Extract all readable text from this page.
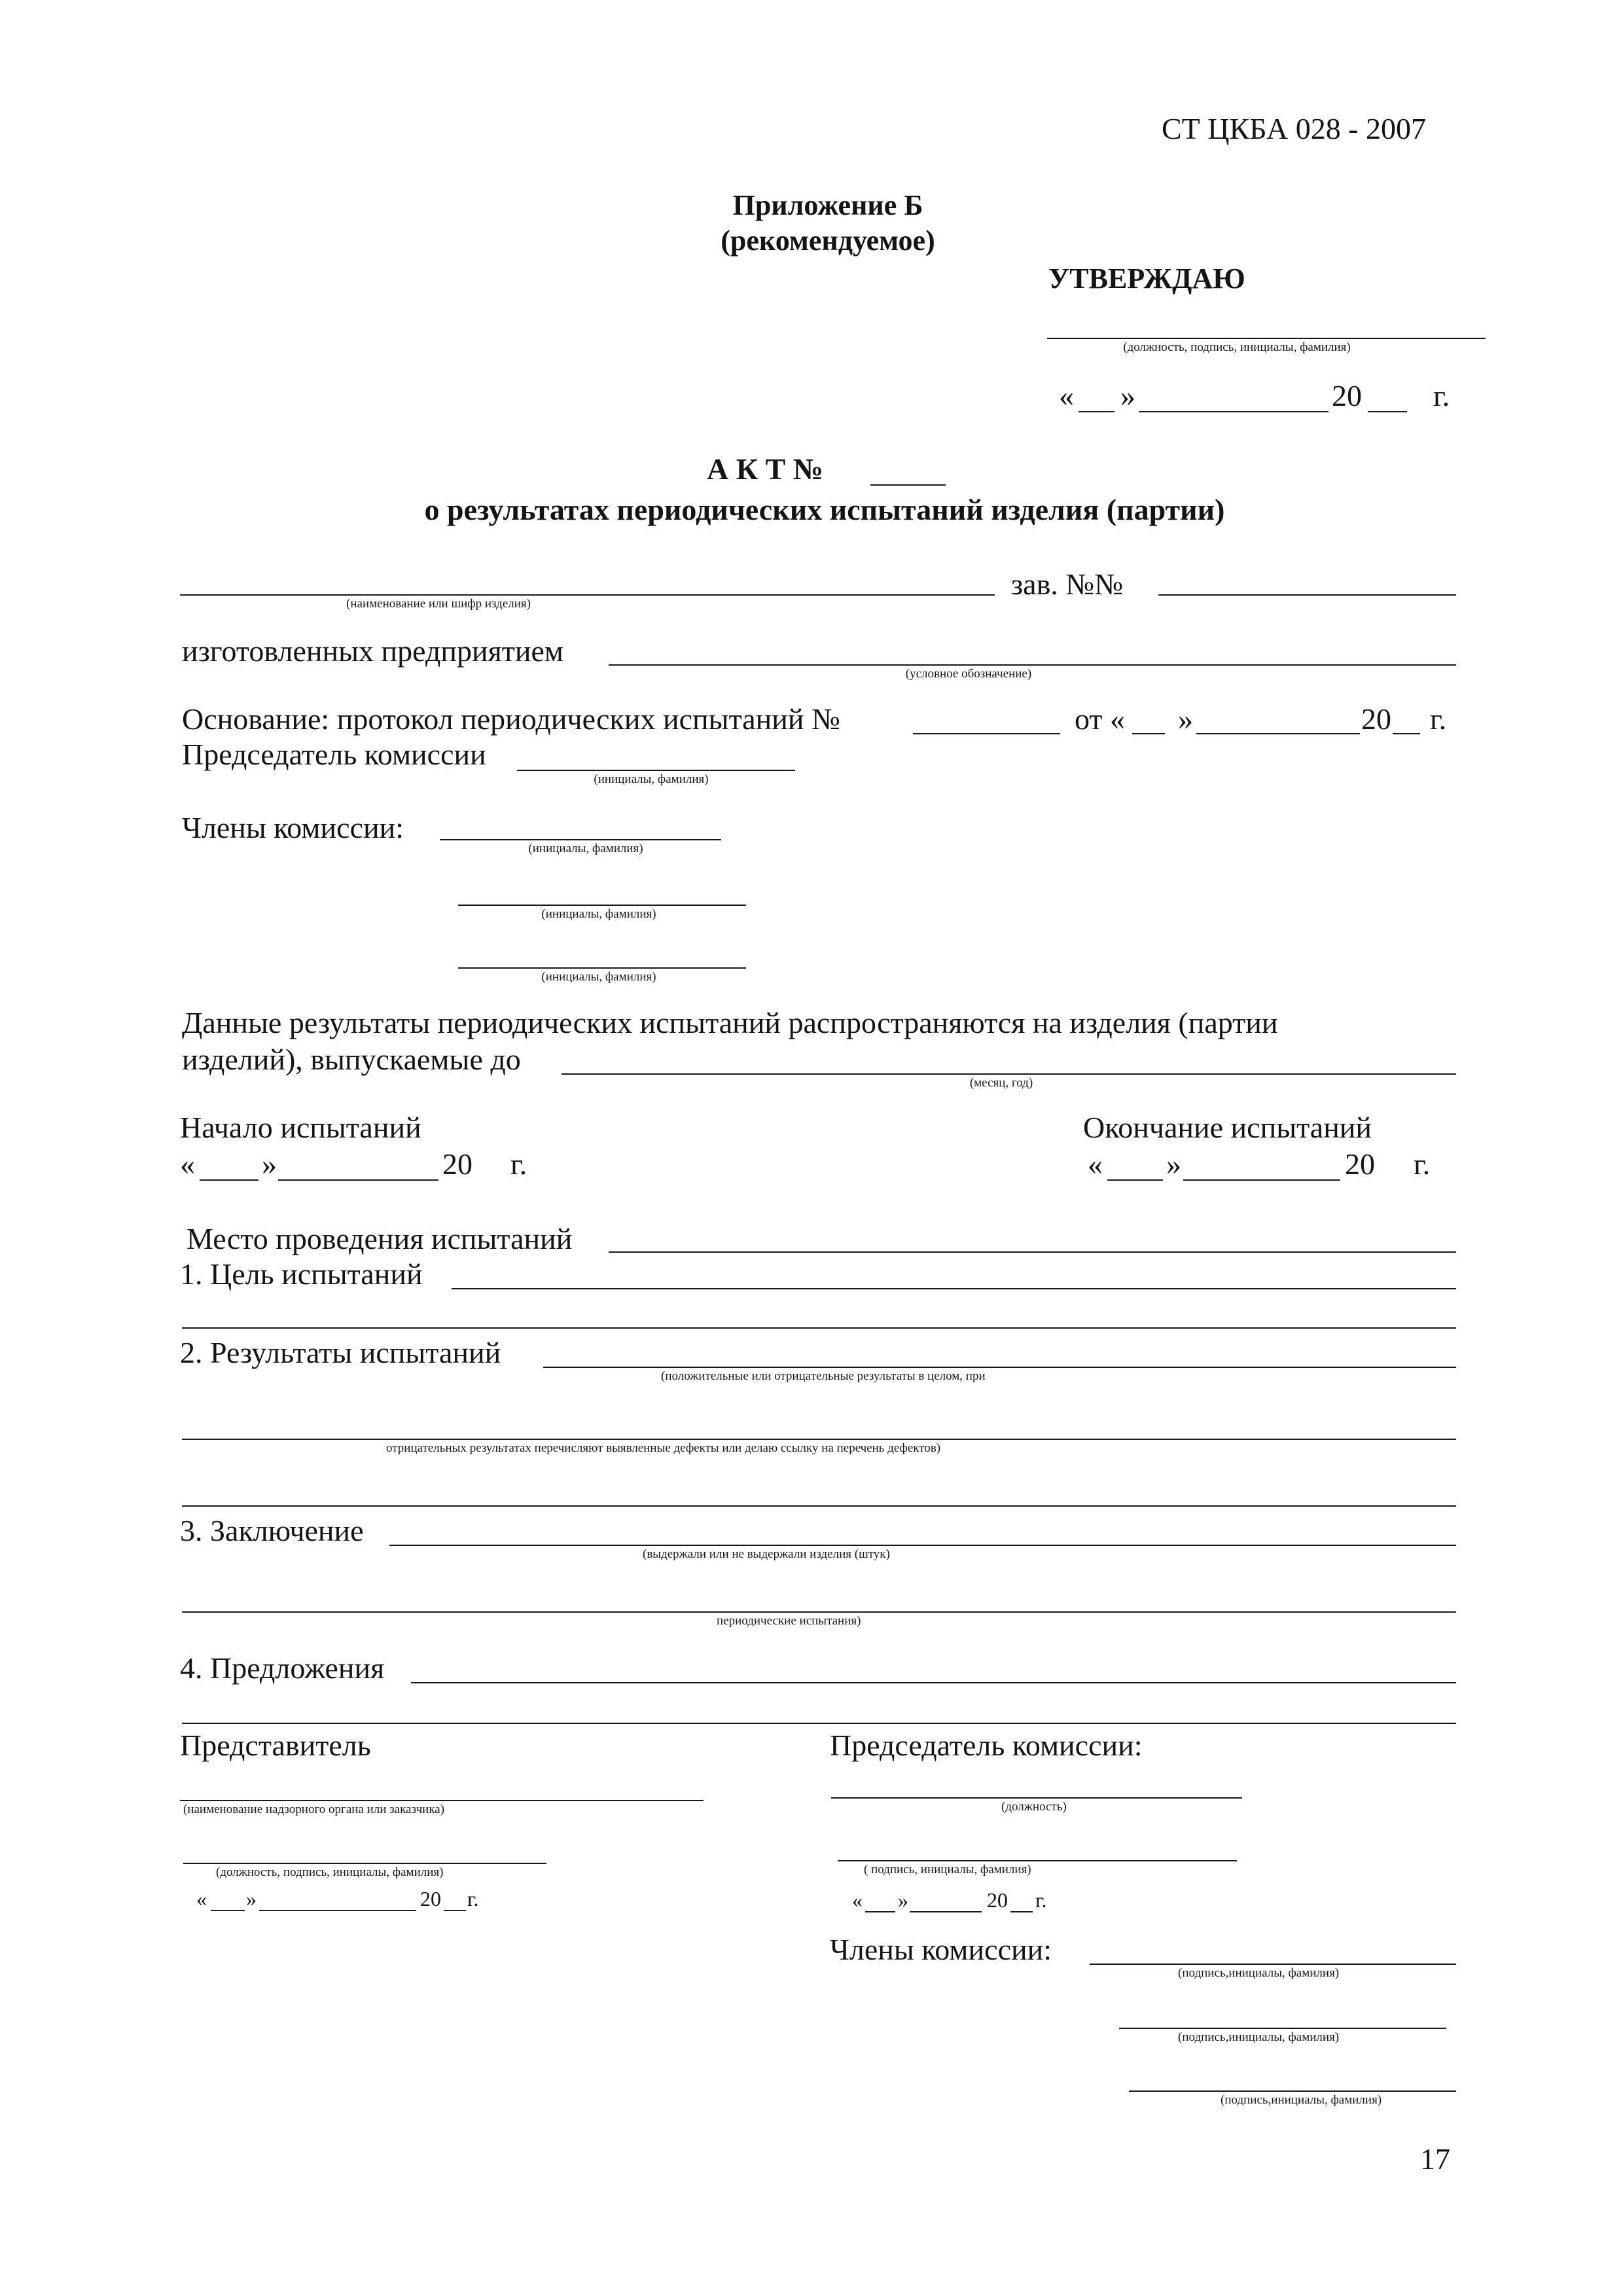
СТ ЦКБА 028 - 2007
Приложение Б
(рекомендуемое)
УТВЕРЖДАЮ
(должность, подпись, инициалы, фамилия)
« »	20 г.
А К Т №
о результатах периодических испытаний изделия (партии)
(наименование или шифр изделия)
зав. №№
изготовленных предприятием
(условное обозначение)
Основание: протокол периодических испытаний №	от « »	20 г.
Председатель комиссии
(инициалы, фамилия)
Члены комиссии:
(инициалы, фамилия)
(инициалы, фамилия)
(инициалы, фамилия)
Данные результаты периодических испытаний распространяются на изделия (партии
изделий), выпускаемые до
(месяц, год)
Начало испытаний
« »	20 г.
Окончание испытаний
« »	20 г.
Место проведения испытаний
1. Цель испытаний
2. Результаты испытаний
(положительные или отрицательные результаты в целом, при
отрицательных результатах перечисляют выявленные дефекты или делаю ссылку на перечень дефектов)
3. Заключение
(выдержали или не выдержали изделия (штук)
периодические испытания)
4. Предложения
Представитель
(наименование надзорного органа или заказчика)
(должность, подпись, инициалы, фамилия)
« »	20 г.
Председатель комиссии:
(должность)
( подпись, инициалы, фамилия)
« »	20 г.
Члены комиссии:
(подпись,инициалы, фамилия)
(подпись,инициалы, фамилия)
(подпись,инициалы, фамилия)
17
